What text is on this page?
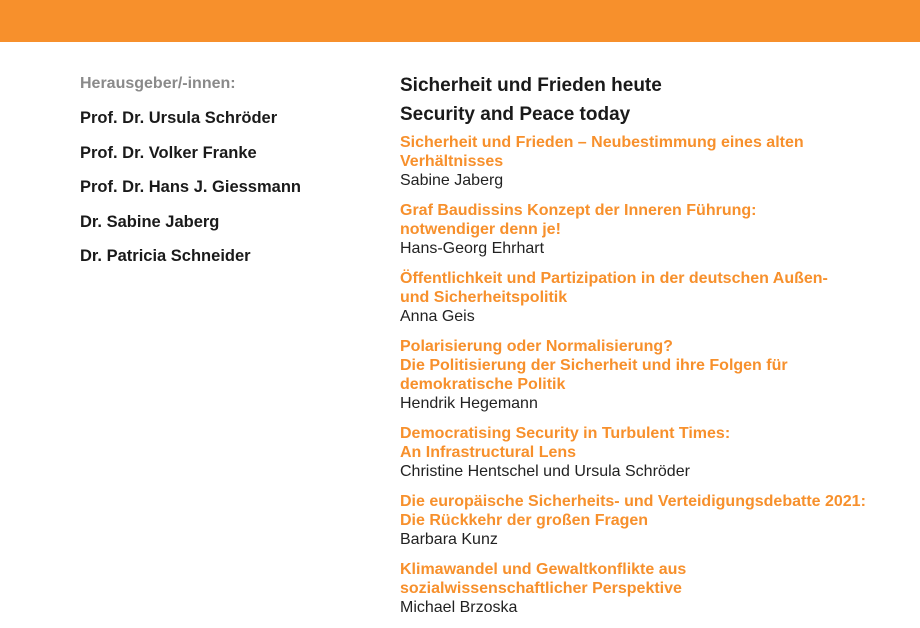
Herausgeber/-innen:
Prof. Dr. Ursula Schröder
Prof. Dr. Volker Franke
Prof. Dr. Hans J. Giessmann
Dr. Sabine Jaberg
Dr. Patricia Schneider
Sicherheit und Frieden heute
Security and Peace today
Sicherheit und Frieden – Neubestimmung eines alten
Verhältnisses
Sabine Jaberg
Graf Baudissins Konzept der Inneren Führung:
notwendiger denn je!
Hans-Georg Ehrhart
Öffentlichkeit und Partizipation in der deutschen Außen-
und Sicherheitspolitik
Anna Geis
Polarisierung oder Normalisierung?
Die Politisierung der Sicherheit und ihre Folgen für
demokratische Politik
Hendrik Hegemann
Democratising Security in Turbulent Times:
An Infrastructural Lens
Christine Hentschel und Ursula Schröder
Die europäische Sicherheits- und Verteidigungsdebatte 2021:
Die Rückkehr der großen Fragen
Barbara Kunz
Klimawandel und Gewaltkonflikte aus
sozialwissenschaftlicher Perspektive
Michael Brzoska
